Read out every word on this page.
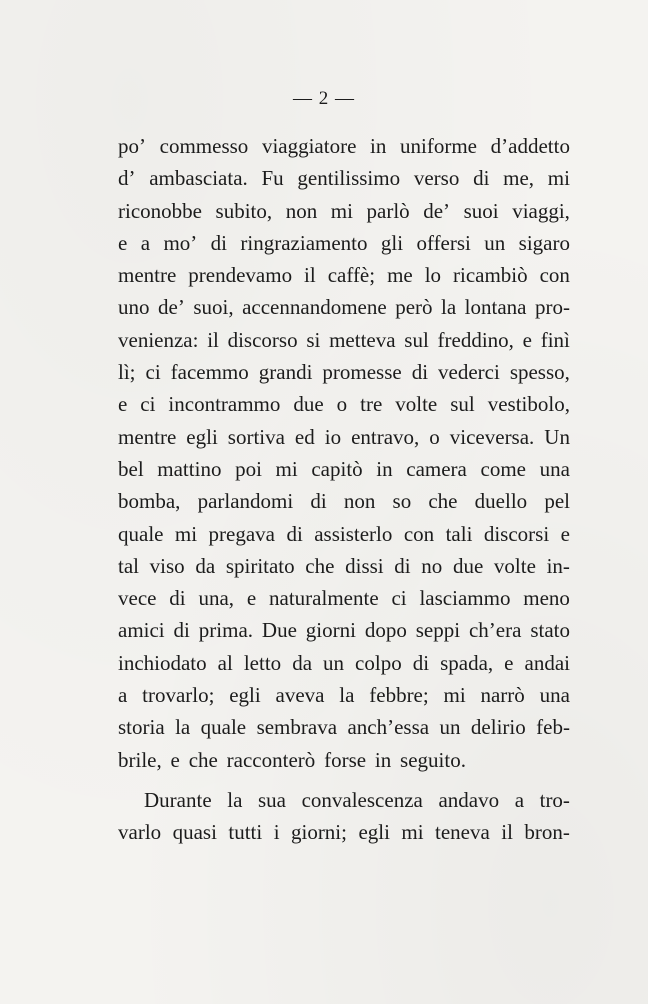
— 2 —
po’ commesso viaggiatore in uniforme d’addetto
d’ ambasciata. Fu gentilissimo verso di me, mi
riconobbe subito, non mi parlò de’ suoi viaggi,
e a mo’ di ringraziamento gli offersi un sigaro
mentre prendevamo il caffè; me lo ricambiò con
uno de’ suoi, accennandomene però la lontana pro-
venienza: il discorso si metteva sul freddino, e finì
lì; ci facemmo grandi promesse di vederci spesso,
e ci incontrammo due o tre volte sul vestibolo,
mentre egli sortiva ed io entravo, o viceversa. Un
bel mattino poi mi capitò in camera come una
bomba, parlandomi di non so che duello pel
quale mi pregava di assisterlo con tali discorsi e
tal viso da spiritato che dissi di no due volte in-
vece di una, e naturalmente ci lasciammo meno
amici di prima. Due giorni dopo seppi ch’era stato
inchiodato al letto da un colpo di spada, e andai
a trovarlo; egli aveva la febbre; mi narrò una
storia la quale sembrava anch’essa un delirio feb-
brile, e che racconterò forse in seguito.
Durante la sua convalescenza andavo a tro-
varlo quasi tutti i giorni; egli mi teneva il bron-
